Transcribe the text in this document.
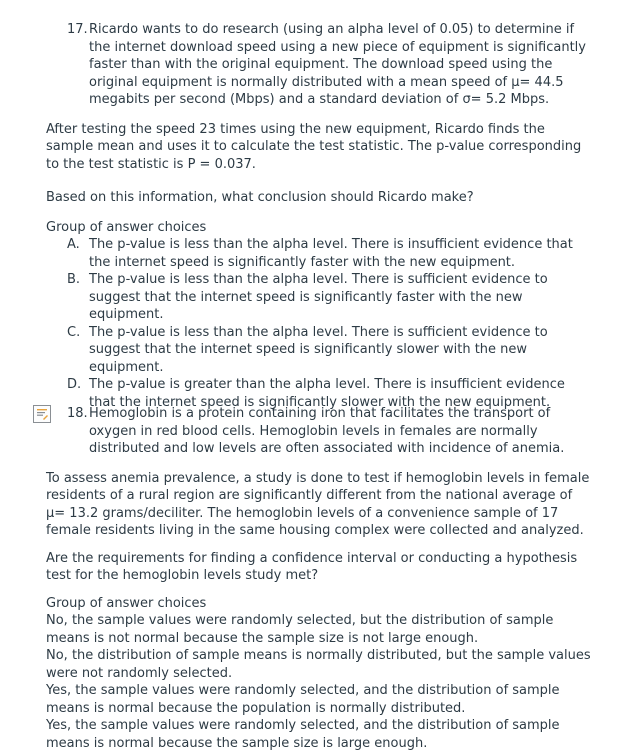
17. Ricardo wants to do research (using an alpha level of 0.05) to determine if the internet download speed using a new piece of equipment is significantly faster than with the original equipment. The download speed using the original equipment is normally distributed with a mean speed of μ= 44.5 megabits per second (Mbps) and a standard deviation of σ= 5.2 Mbps.

After testing the speed 23 times using the new equipment, Ricardo finds the sample mean and uses it to calculate the test statistic. The p-value corresponding to the test statistic is P = 0.037.

Based on this information, what conclusion should Ricardo make?

Group of answer choices

A. The p-value is less than the alpha level. There is insufficient evidence that the internet speed is significantly faster with the new equipment.
B. The p-value is less than the alpha level. There is sufficient evidence to suggest that the internet speed is significantly faster with the new equipment.
C. The p-value is less than the alpha level. There is sufficient evidence to suggest that the internet speed is significantly slower with the new equipment.
D. The p-value is greater than the alpha level. There is insufficient evidence that the internet speed is significantly slower with the new equipment.
18. Hemoglobin is a protein containing iron that facilitates the transport of oxygen in red blood cells. Hemoglobin levels in females are normally distributed and low levels are often associated with incidence of anemia.

To assess anemia prevalence, a study is done to test if hemoglobin levels in female residents of a rural region are significantly different from the national average of μ= 13.2 grams/deciliter. The hemoglobin levels of a convenience sample of 17 female residents living in the same housing complex were collected and analyzed.

Are the requirements for finding a confidence interval or conducting a hypothesis test for the hemoglobin levels study met?

Group of answer choices

No, the sample values were randomly selected, but the distribution of sample means is not normal because the sample size is not large enough.

No, the distribution of sample means is normally distributed, but the sample values were not randomly selected.

Yes, the sample values were randomly selected, and the distribution of sample means is normal because the population is normally distributed.

Yes, the sample values were randomly selected, and the distribution of sample means is normal because the sample size is large enough.
